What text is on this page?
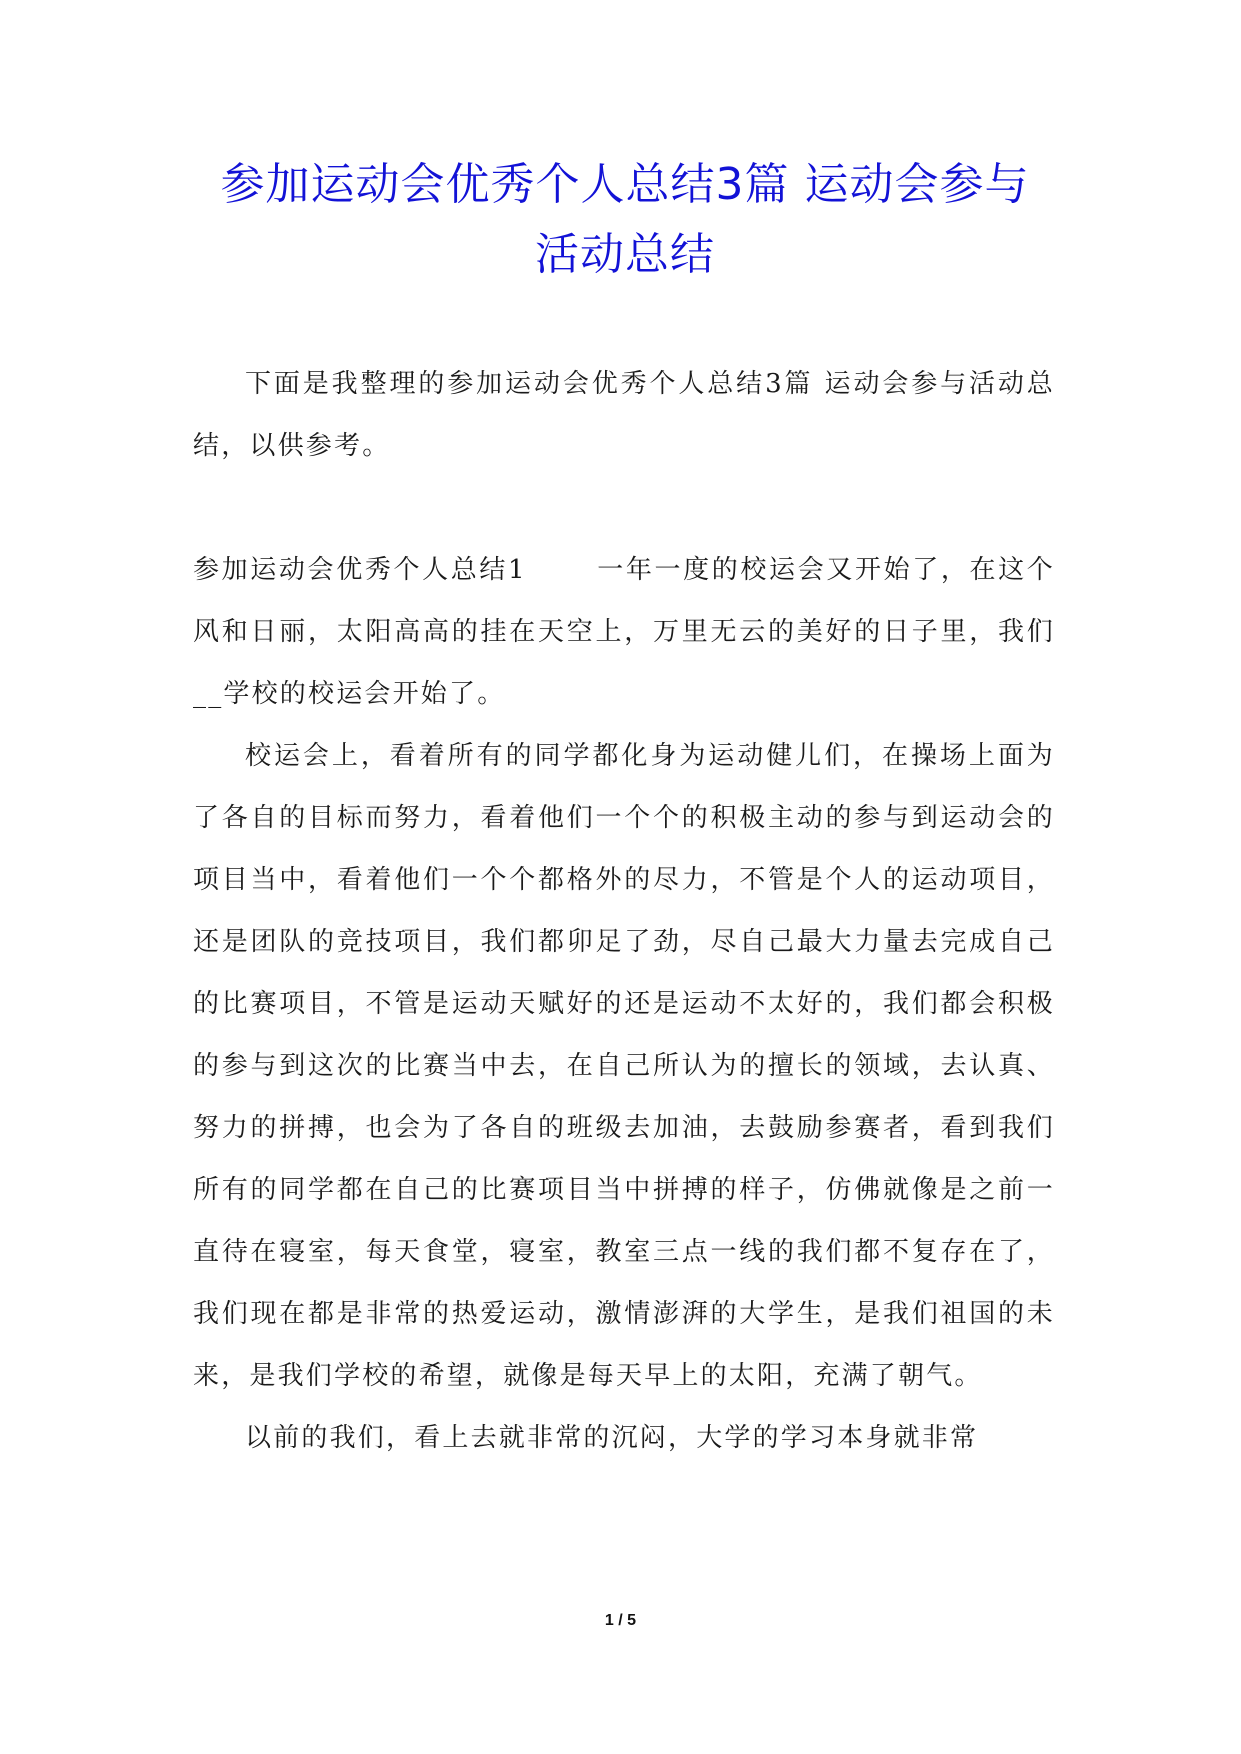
参加运动会优秀个人总结3篇 运动会参与
活动总结

下面是我整理的参加运动会优秀个人总结3篇 运动会参与活动总结，以供参考。

参加运动会优秀个人总结1	一年一度的校运会又开始了，在这个风和日丽，太阳高高的挂在天空上，万里无云的美好的日子里，我们__学校的校运会开始了。

校运会上，看着所有的同学都化身为运动健儿们，在操场上面为了各自的目标而努力，看着他们一个个的积极主动的参与到运动会的项目当中，看着他们一个个都格外的尽力，不管是个人的运动项目，还是团队的竞技项目，我们都卯足了劲，尽自己最大力量去完成自己的比赛项目，不管是运动天赋好的还是运动不太好的，我们都会积极的参与到这次的比赛当中去，在自己所认为的擅长的领域，去认真、努力的拼搏，也会为了各自的班级去加油，去鼓励参赛者，看到我们所有的同学都在自己的比赛项目当中拼搏的样子，仿佛就像是之前一直待在寝室，每天食堂，寝室，教室三点一线的我们都不复存在了，我们现在都是非常的热爱运动，激情澎湃的大学生，是我们祖国的未来，是我们学校的希望，就像是每天早上的太阳，充满了朝气。

以前的我们，看上去就非常的沉闷，大学的学习本身就非常

1 / 5
